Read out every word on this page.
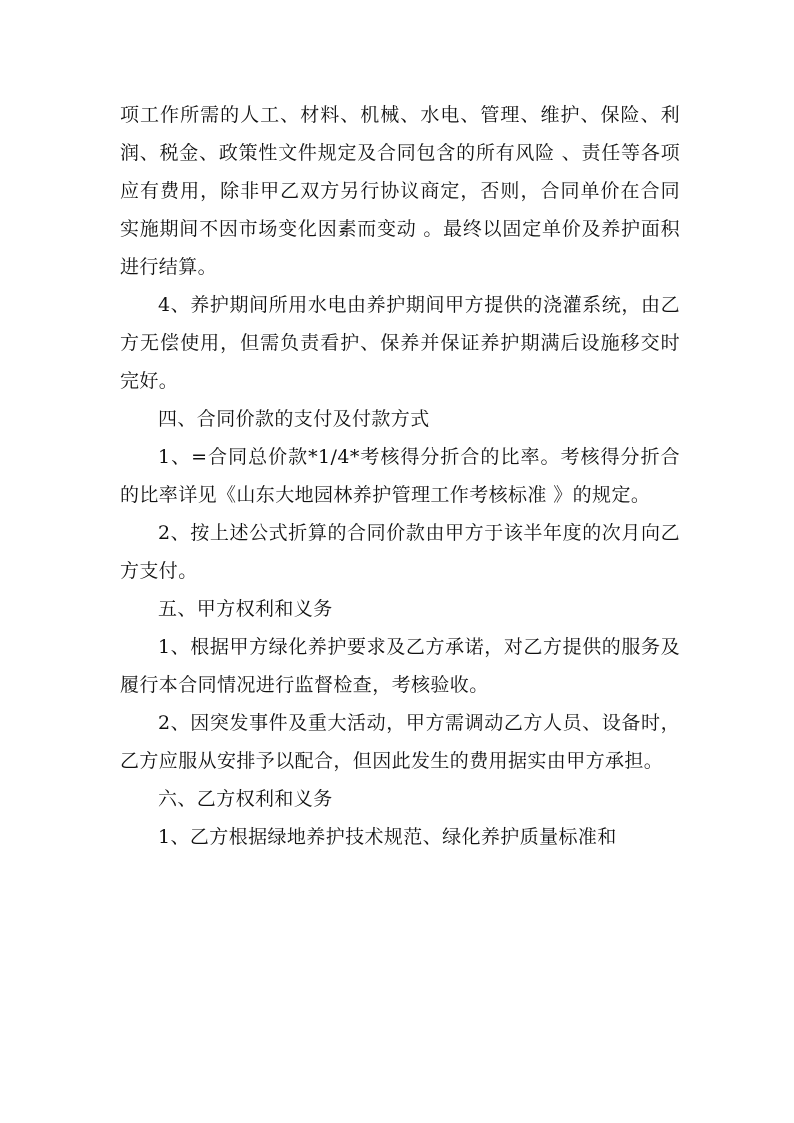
项工作所需的人工、材料、机械、水电、管理、维护、保险、利润、税金、政策性文件规定及合同包含的所有风险 、责任等各项应有费用，除非甲乙双方另行协议商定，否则，合同单价在合同实施期间不因市场变化因素而变动 。最终以固定单价及养护面积进行结算。

4、养护期间所用水电由养护期间甲方提供的浇灌系统，由乙方无偿使用，但需负责看护、保养并保证养护期满后设施移交时完好。

四、合同价款的支付及付款方式

1、=合同总价款*1/4*考核得分折合的比率。考核得分折合的比率详见《山东大地园林养护管理工作考核标准 》的规定。

2、按上述公式折算的合同价款由甲方于该半年度的次月向乙方支付。

五、甲方权利和义务

1、根据甲方绿化养护要求及乙方承诺，对乙方提供的服务及履行本合同情况进行监督检查，考核验收。

2、因突发事件及重大活动，甲方需调动乙方人员、设备时，乙方应服从安排予以配合，但因此发生的费用据实由甲方承担。

六、乙方权利和义务

1、乙方根据绿地养护技术规范、绿化养护质量标准和
